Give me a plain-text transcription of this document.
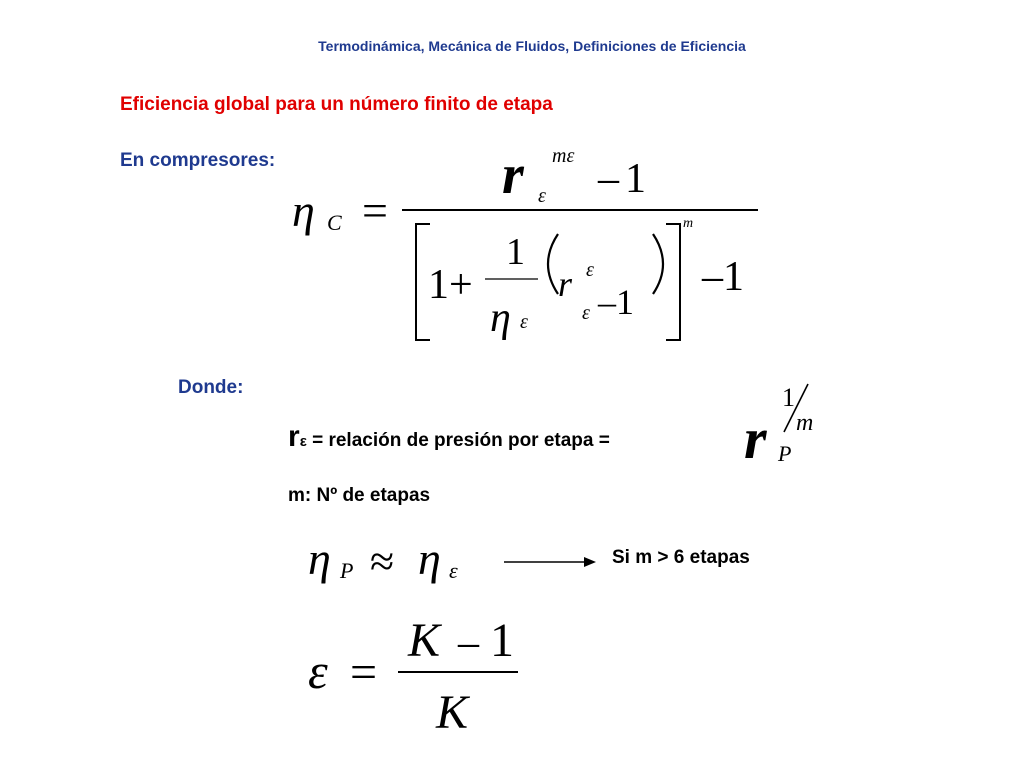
Termodinámica, Mecánica de Fluidos, Definiciones de Eficiencia
Eficiencia global para un número finito de etapa
En compresores:
η C =
r ε
mε – 1
1+
1
η ε
r ε
ε –1
m
–1
Donde:
rε = relación de presión por etapa = r P
1
m
m: Nº de etapas
η P ≈ η ε
Si m > 6 etapas
ε =
K – 1
K
